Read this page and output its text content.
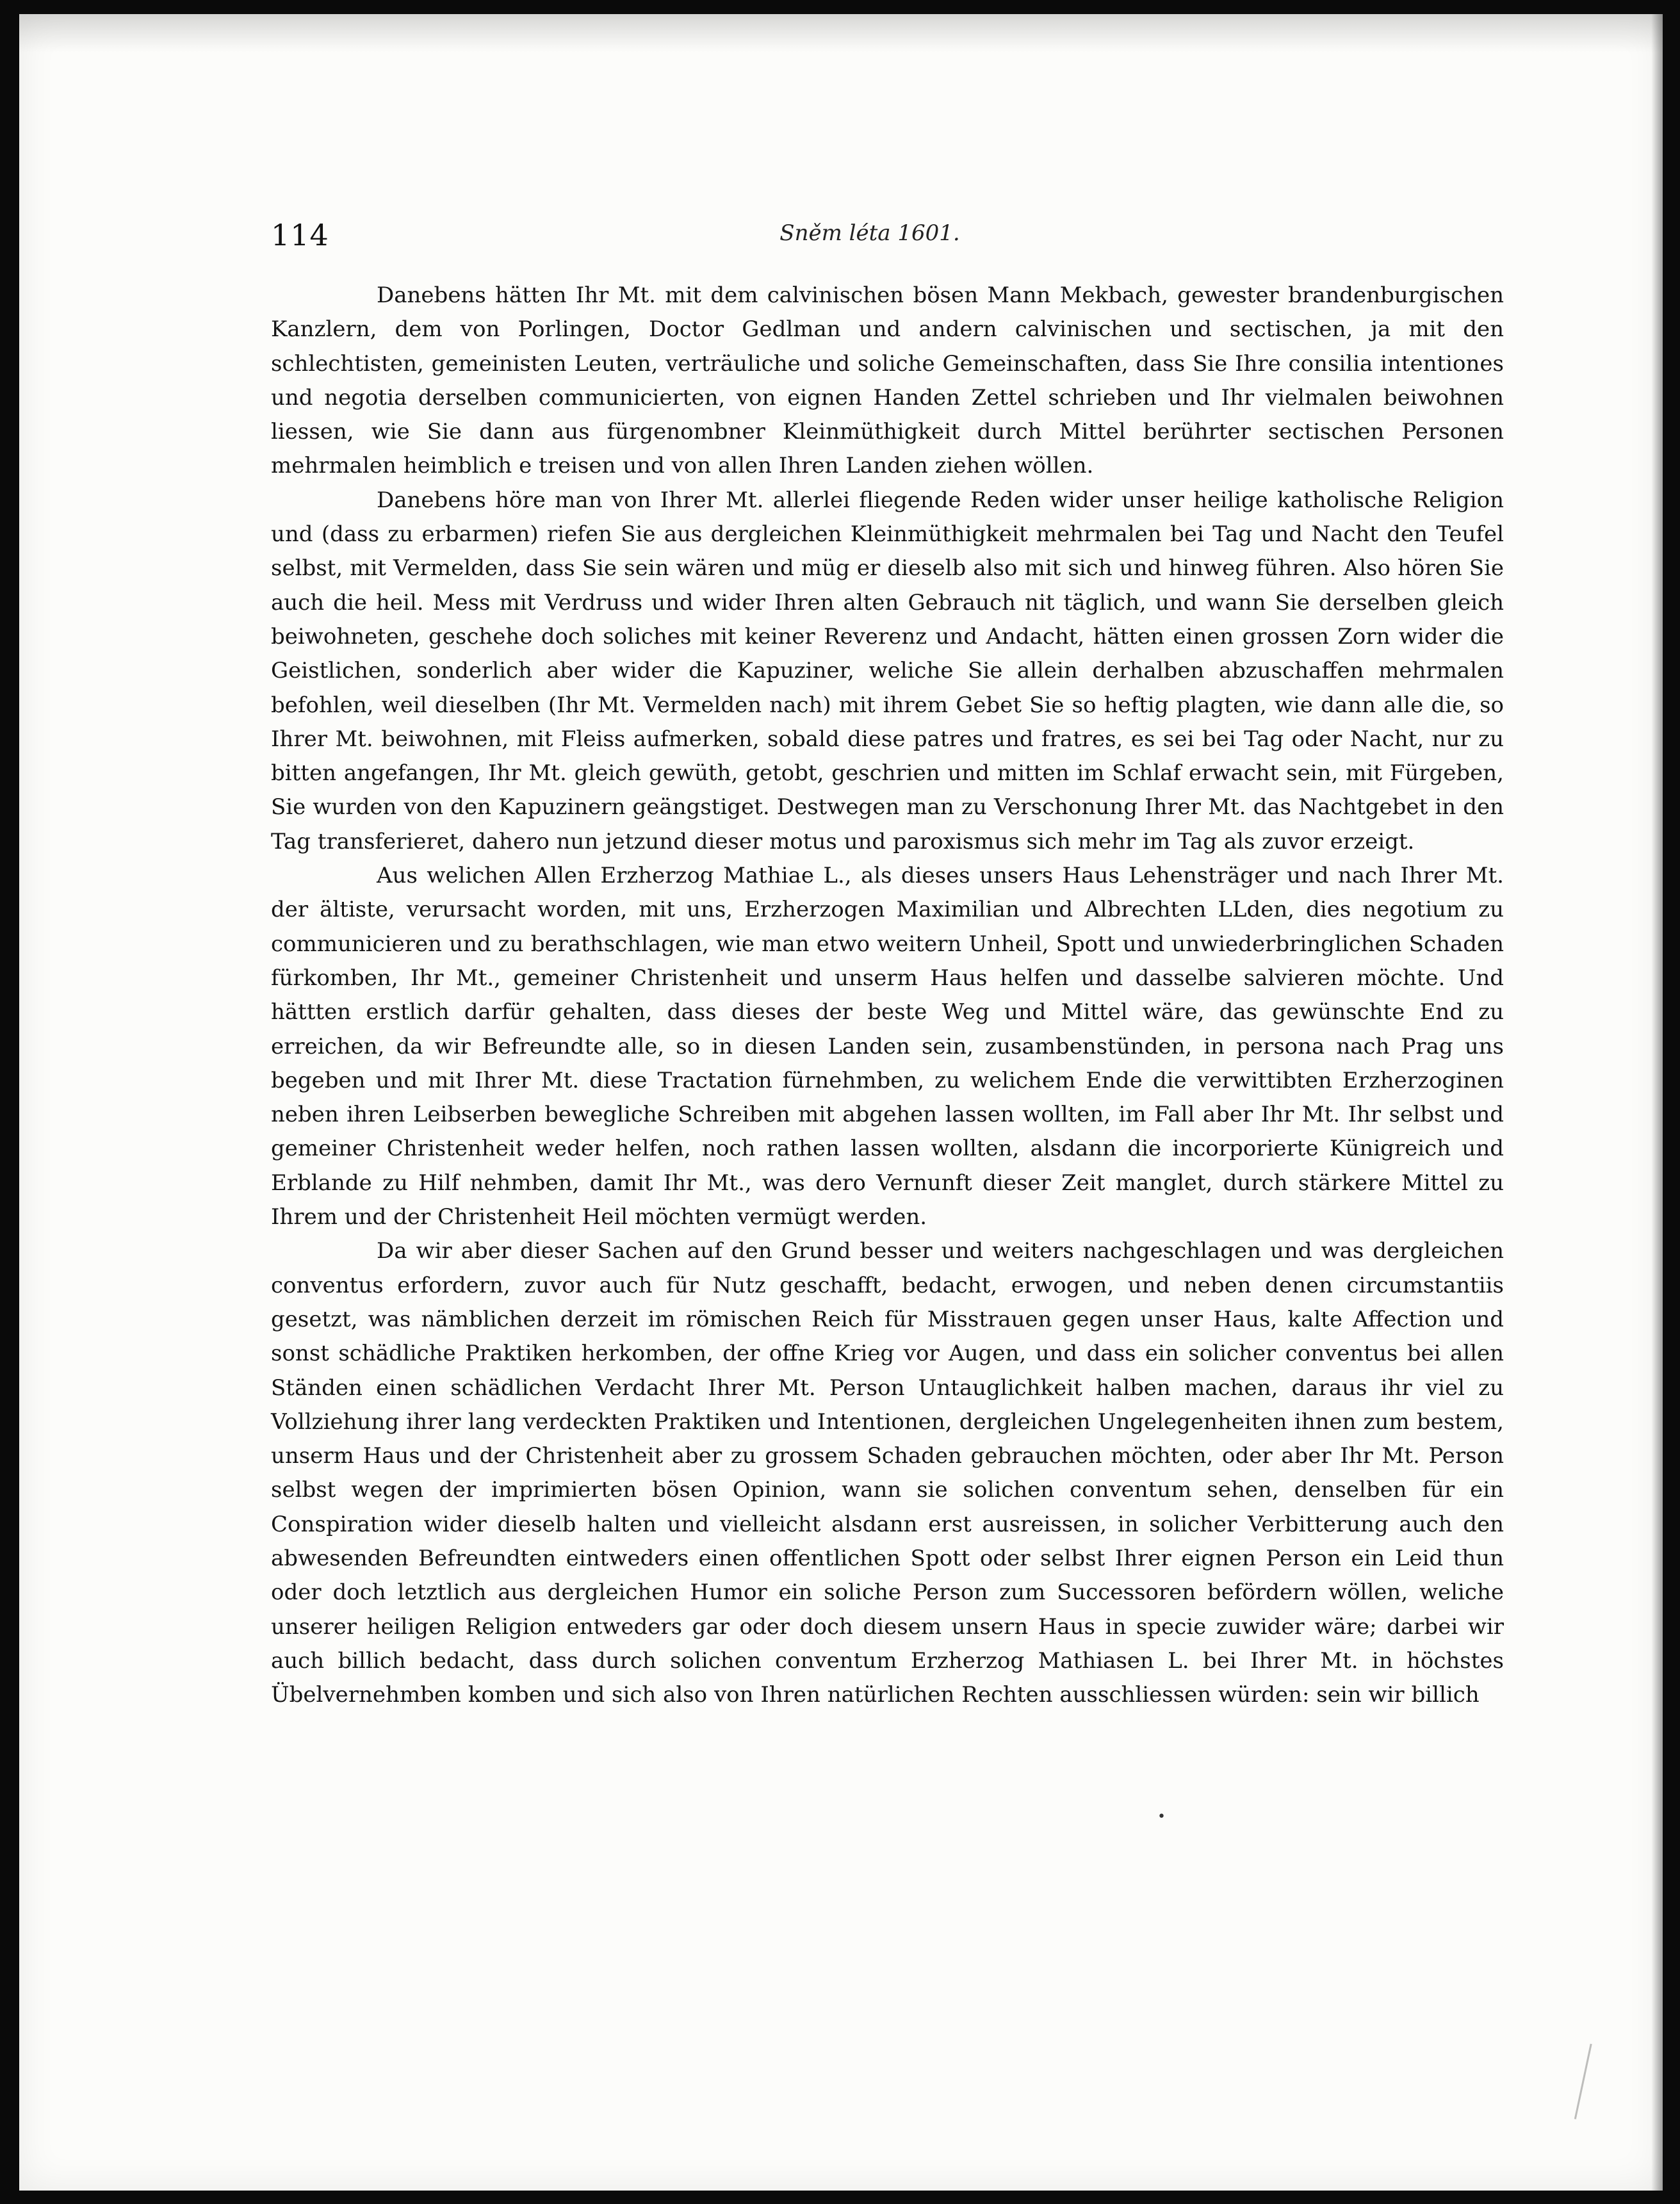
114	Sněm léta 1601.

Danebens hätten Ihr Mt. mit dem calvinischen bösen Mann Mekbach, gewester brandenburgischen Kanzlern, dem von Porlingen, Doctor Gedlman und andern calvinischen und sectischen, ja mit den schlechtisten, gemeinisten Leuten, verträuliche und soliche Gemeinschaften, dass Sie Ihre consilia intentiones und negotia derselben communicierten, von eignen Handen Zettel schrieben und Ihr vielmalen beiwohnen liessen, wie Sie dann aus fürgenombner Kleinmüthigkeit durch Mittel berührter sectischen Personen mehrmalen heimblich e treisen und von allen Ihren Landen ziehen wöllen.

Danebens höre man von Ihrer Mt. allerlei fliegende Reden wider unser heilige katholische Religion und (dass zu erbarmen) riefen Sie aus dergleichen Kleinmüthigkeit mehrmalen bei Tag und Nacht den Teufel selbst, mit Vermelden, dass Sie sein wären und müg er dieselb also mit sich und hinweg führen. Also hören Sie auch die heil. Mess mit Verdruss und wider Ihren alten Gebrauch nit täglich, und wann Sie derselben gleich beiwohneten, geschehe doch soliches mit keiner Reverenz und Andacht, hätten einen grossen Zorn wider die Geistlichen, sonderlich aber wider die Kapuziner, weliche Sie allein derhalben abzuschaffen mehrmalen befohlen, weil dieselben (Ihr Mt. Vermelden nach) mit ihrem Gebet Sie so heftig plagten, wie dann alle die, so Ihrer Mt. beiwohnen, mit Fleiss aufmerken, sobald diese patres und fratres, es sei bei Tag oder Nacht, nur zu bitten angefangen, Ihr Mt. gleich gewüth, getobt, geschrien und mitten im Schlaf erwacht sein, mit Fürgeben, Sie wurden von den Kapuzinern geängstiget. Destwegen man zu Verschonung Ihrer Mt. das Nachtgebet in den Tag transferieret, dahero nun jetzund dieser motus und paroxismus sich mehr im Tag als zuvor erzeigt.

Aus welichen Allen Erzherzog Mathiae L., als dieses unsers Haus Lehensträger und nach Ihrer Mt. der ältiste, verursacht worden, mit uns, Erzherzogen Maximilian und Albrechten LLden, dies negotium zu communicieren und zu berathschlagen, wie man etwo weitern Unheil, Spott und unwiederbringlichen Schaden fürkomben, Ihr Mt., gemeiner Christenheit und unserm Haus helfen und dasselbe salvieren möchte. Und hättten erstlich darfür gehalten, dass dieses der beste Weg und Mittel wäre, das gewünschte End zu erreichen, da wir Befreundte alle, so in diesen Landen sein, zusambenstünden, in persona nach Prag uns begeben und mit Ihrer Mt. diese Tractation fürnehmben, zu welichem Ende die verwittibten Erzherzoginen neben ihren Leibserben bewegliche Schreiben mit abgehen lassen wollten, im Fall aber Ihr Mt. Ihr selbst und gemeiner Christenheit weder helfen, noch rathen lassen wollten, alsdann die incorporierte Künigreich und Erblande zu Hilf nehmben, damit Ihr Mt., was dero Vernunft dieser Zeit manglet, durch stärkere Mittel zu Ihrem und der Christenheit Heil möchten vermügt werden.

Da wir aber dieser Sachen auf den Grund besser und weiters nachgeschlagen und was dergleichen conventus erfordern, zuvor auch für Nutz geschafft, bedacht, erwogen, und neben denen circumstantiis gesetzt, was nämblichen derzeit im römischen Reich für Misstrauen gegen unser Haus, kalte Affection und sonst schädliche Praktiken herkomben, der offne Krieg vor Augen, und dass ein solicher conventus bei allen Ständen einen schädlichen Verdacht Ihrer Mt. Person Untauglichkeit halben machen, daraus ihr viel zu Vollziehung ihrer lang verdeckten Praktiken und Intentionen, dergleichen Ungelegenheiten ihnen zum bestem, unserm Haus und der Christenheit aber zu grossem Schaden gebrauchen möchten, oder aber Ihr Mt. Person selbst wegen der imprimierten bösen Opinion, wann sie solichen conventum sehen, denselben für ein Conspiration wider dieselb halten und vielleicht alsdann erst ausreissen, in solicher Verbitterung auch den abwesenden Befreundten eintweders einen offentlichen Spott oder selbst Ihrer eignen Person ein Leid thun oder doch letztlich aus dergleichen Humor ein soliche Person zum Successoren befördern wöllen, weliche unserer heiligen Religion entweders gar oder doch diesem unsern Haus in specie zuwider wäre; darbei wir auch billich bedacht, dass durch solichen conventum Erzherzog Mathiasen L. bei Ihrer Mt. in höchstes Übelvernehmben komben und sich also von Ihren natürlichen Rechten ausschliessen würden: sein wir billich

•
